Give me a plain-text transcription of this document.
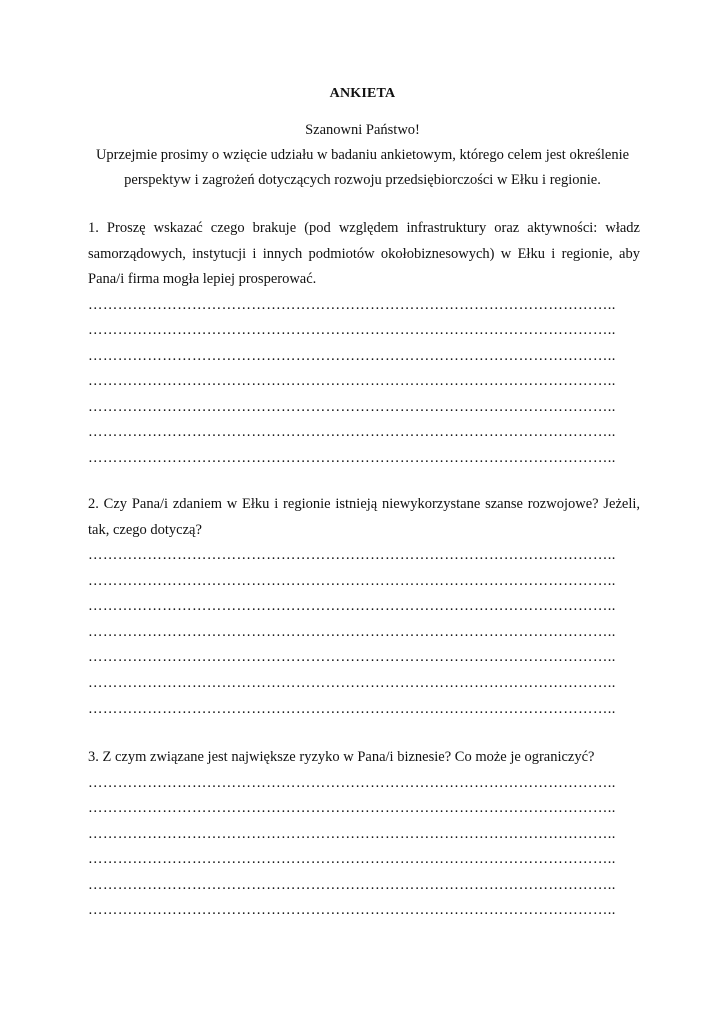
ANKIETA

Szanowni Państwo!

Uprzejmie prosimy o wzięcie udziału w badaniu ankietowym, którego celem jest określenie

perspektyw i zagrożeń dotyczących rozwoju przedsiębiorczości w Ełku i regionie.

1. Proszę wskazać czego brakuje (pod względem infrastruktury oraz aktywności: władz samorządowych, instytucji i innych podmiotów okołobiznesowych) w Ełku i regionie, aby Pana/i firma mogła lepiej prosperować.

……………………………………………………………………………………………..
……………………………………………………………………………………………..
……………………………………………………………………………………………..
……………………………………………………………………………………………..
……………………………………………………………………………………………..
……………………………………………………………………………………………..
……………………………………………………………………………………………..

2. Czy Pana/i zdaniem w Ełku i regionie istnieją niewykorzystane szanse rozwojowe? Jeżeli, tak, czego dotyczą?

……………………………………………………………………………………………..
……………………………………………………………………………………………..
……………………………………………………………………………………………..
……………………………………………………………………………………………..
……………………………………………………………………………………………..
……………………………………………………………………………………………..
……………………………………………………………………………………………..

3. Z czym związane jest największe ryzyko w Pana/i biznesie? Co może je ograniczyć?

……………………………………………………………………………………………..
……………………………………………………………………………………………..
……………………………………………………………………………………………..
……………………………………………………………………………………………..
……………………………………………………………………………………………..
……………………………………………………………………………………………..
